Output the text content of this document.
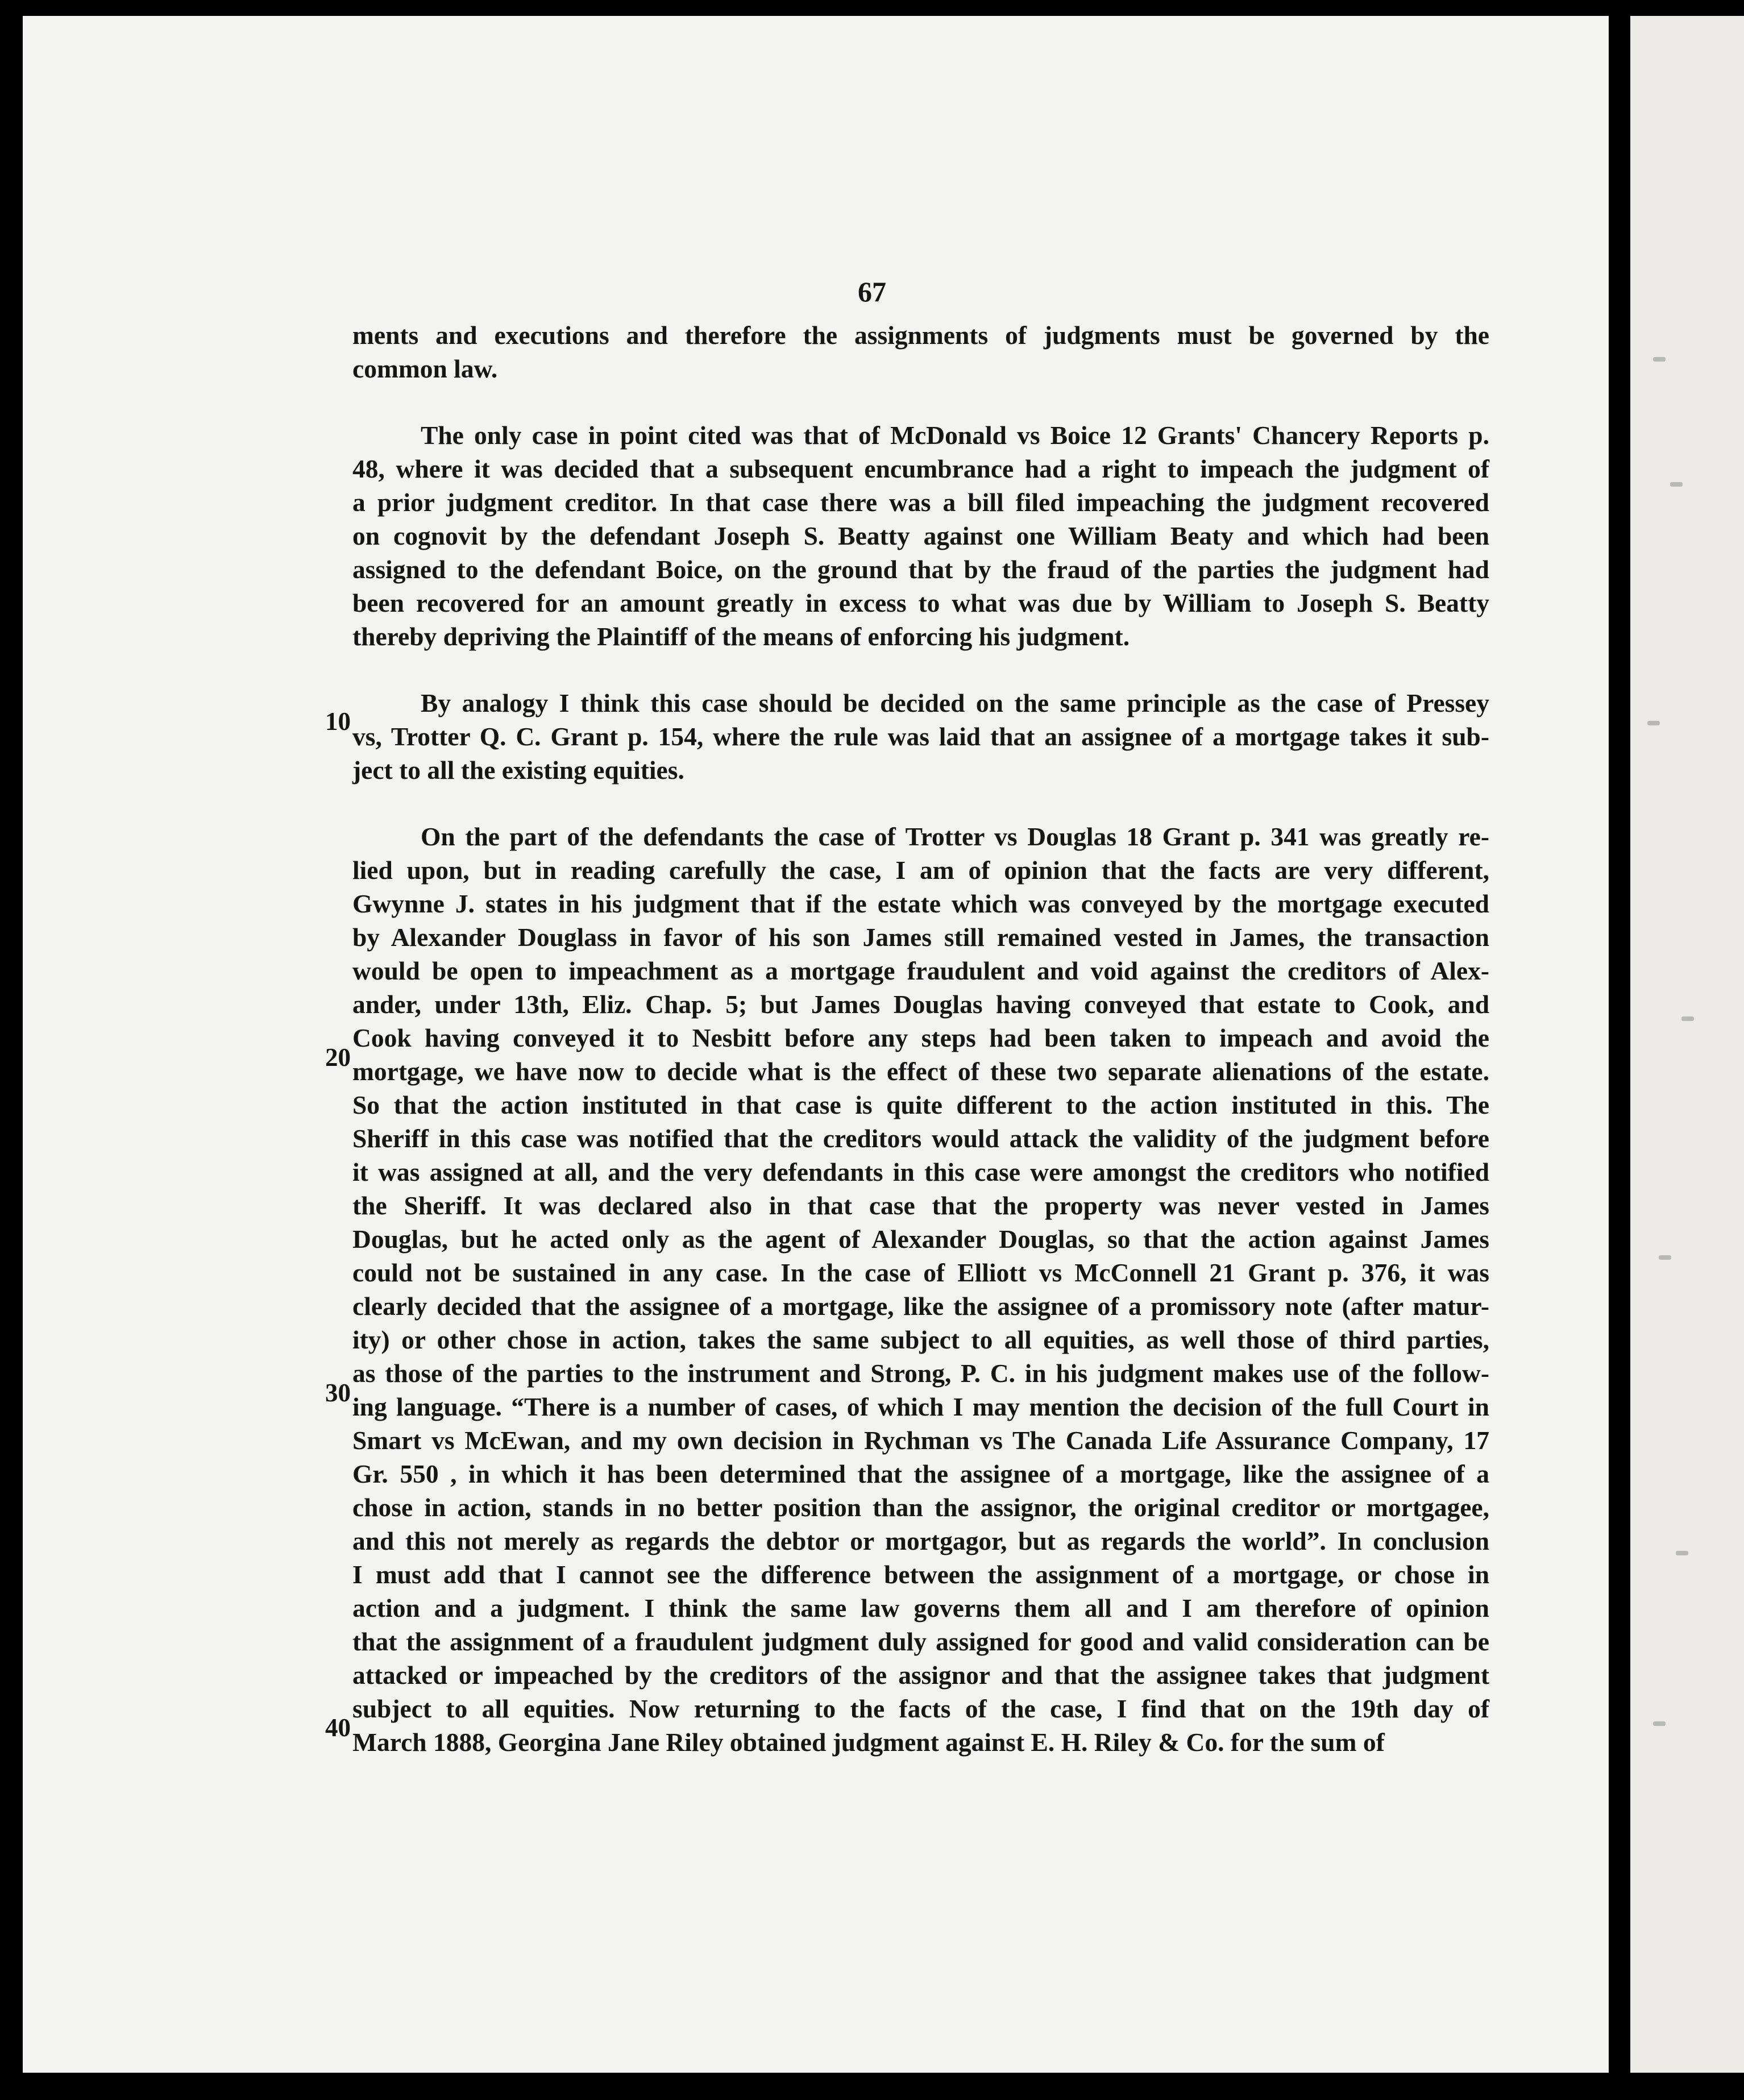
67
ments and executions and therefore the assignments of judgments must be governed by the
common law.
The only case in point cited was that of McDonald vs Boice 12 Grants' Chancery Reports p.
48, where it was decided that a subsequent encumbrance had a right to impeach the judgment of
a prior judgment creditor. In that case there was a bill filed impeaching the judgment recovered
on cognovit by the defendant Joseph S. Beatty against one William Beaty and which had been
assigned to the defendant Boice, on the ground that by the fraud of the parties the judgment had
been recovered for an amount greatly in excess to what was due by William to Joseph S. Beatty
thereby depriving the Plaintiff of the means of enforcing his judgment.
By analogy I think this case should be decided on the same principle as the case of Pressey
vs, Trotter Q. C. Grant p. 154, where the rule was laid that an assignee of a mortgage takes it sub-
ject to all the existing equities.
On the part of the defendants the case of Trotter vs Douglas 18 Grant p. 341 was greatly re-
lied upon, but in reading carefully the case, I am of opinion that the facts are very different,
Gwynne J. states in his judgment that if the estate which was conveyed by the mortgage executed
by Alexander Douglass in favor of his son James still remained vested in James, the transaction
would be open to impeachment as a mortgage fraudulent and void against the creditors of Alex-
ander, under 13th, Eliz. Chap. 5; but James Douglas having conveyed that estate to Cook, and
Cook having conveyed it to Nesbitt before any steps had been taken to impeach and avoid the
mortgage, we have now to decide what is the effect of these two separate alienations of the estate.
So that the action instituted in that case is quite different to the action instituted in this. The
Sheriff in this case was notified that the creditors would attack the validity of the judgment before
it was assigned at all, and the very defendants in this case were amongst the creditors who notified
the Sheriff. It was declared also in that case that the property was never vested in James
Douglas, but he acted only as the agent of Alexander Douglas, so that the action against James
could not be sustained in any case. In the case of Elliott vs McConnell 21 Grant p. 376, it was
clearly decided that the assignee of a mortgage, like the assignee of a promissory note (after matur-
ity) or other chose in action, takes the same subject to all equities, as well those of third parties,
as those of the parties to the instrument and Strong, P. C. in his judgment makes use of the follow-
ing language. “There is a number of cases, of which I may mention the decision of the full Court in
Smart vs McEwan, and my own decision in Rychman vs The Canada Life Assurance Company, 17
Gr. 550 , in which it has been determined that the assignee of a mortgage, like the assignee of a
chose in action, stands in no better position than the assignor, the original creditor or mortgagee,
and this not merely as regards the debtor or mortgagor, but as regards the world”. In conclusion
I must add that I cannot see the difference between the assignment of a mortgage, or chose in
action and a judgment. I think the same law governs them all and I am therefore of opinion
that the assignment of a fraudulent judgment duly assigned for good and valid consideration can be
attacked or impeached by the creditors of the assignor and that the assignee takes that judgment
subject to all equities. Now returning to the facts of the case, I find that on the 19th day of
March 1888, Georgina Jane Riley obtained judgment against E. H. Riley & Co. for the sum of
10
20
30
40
